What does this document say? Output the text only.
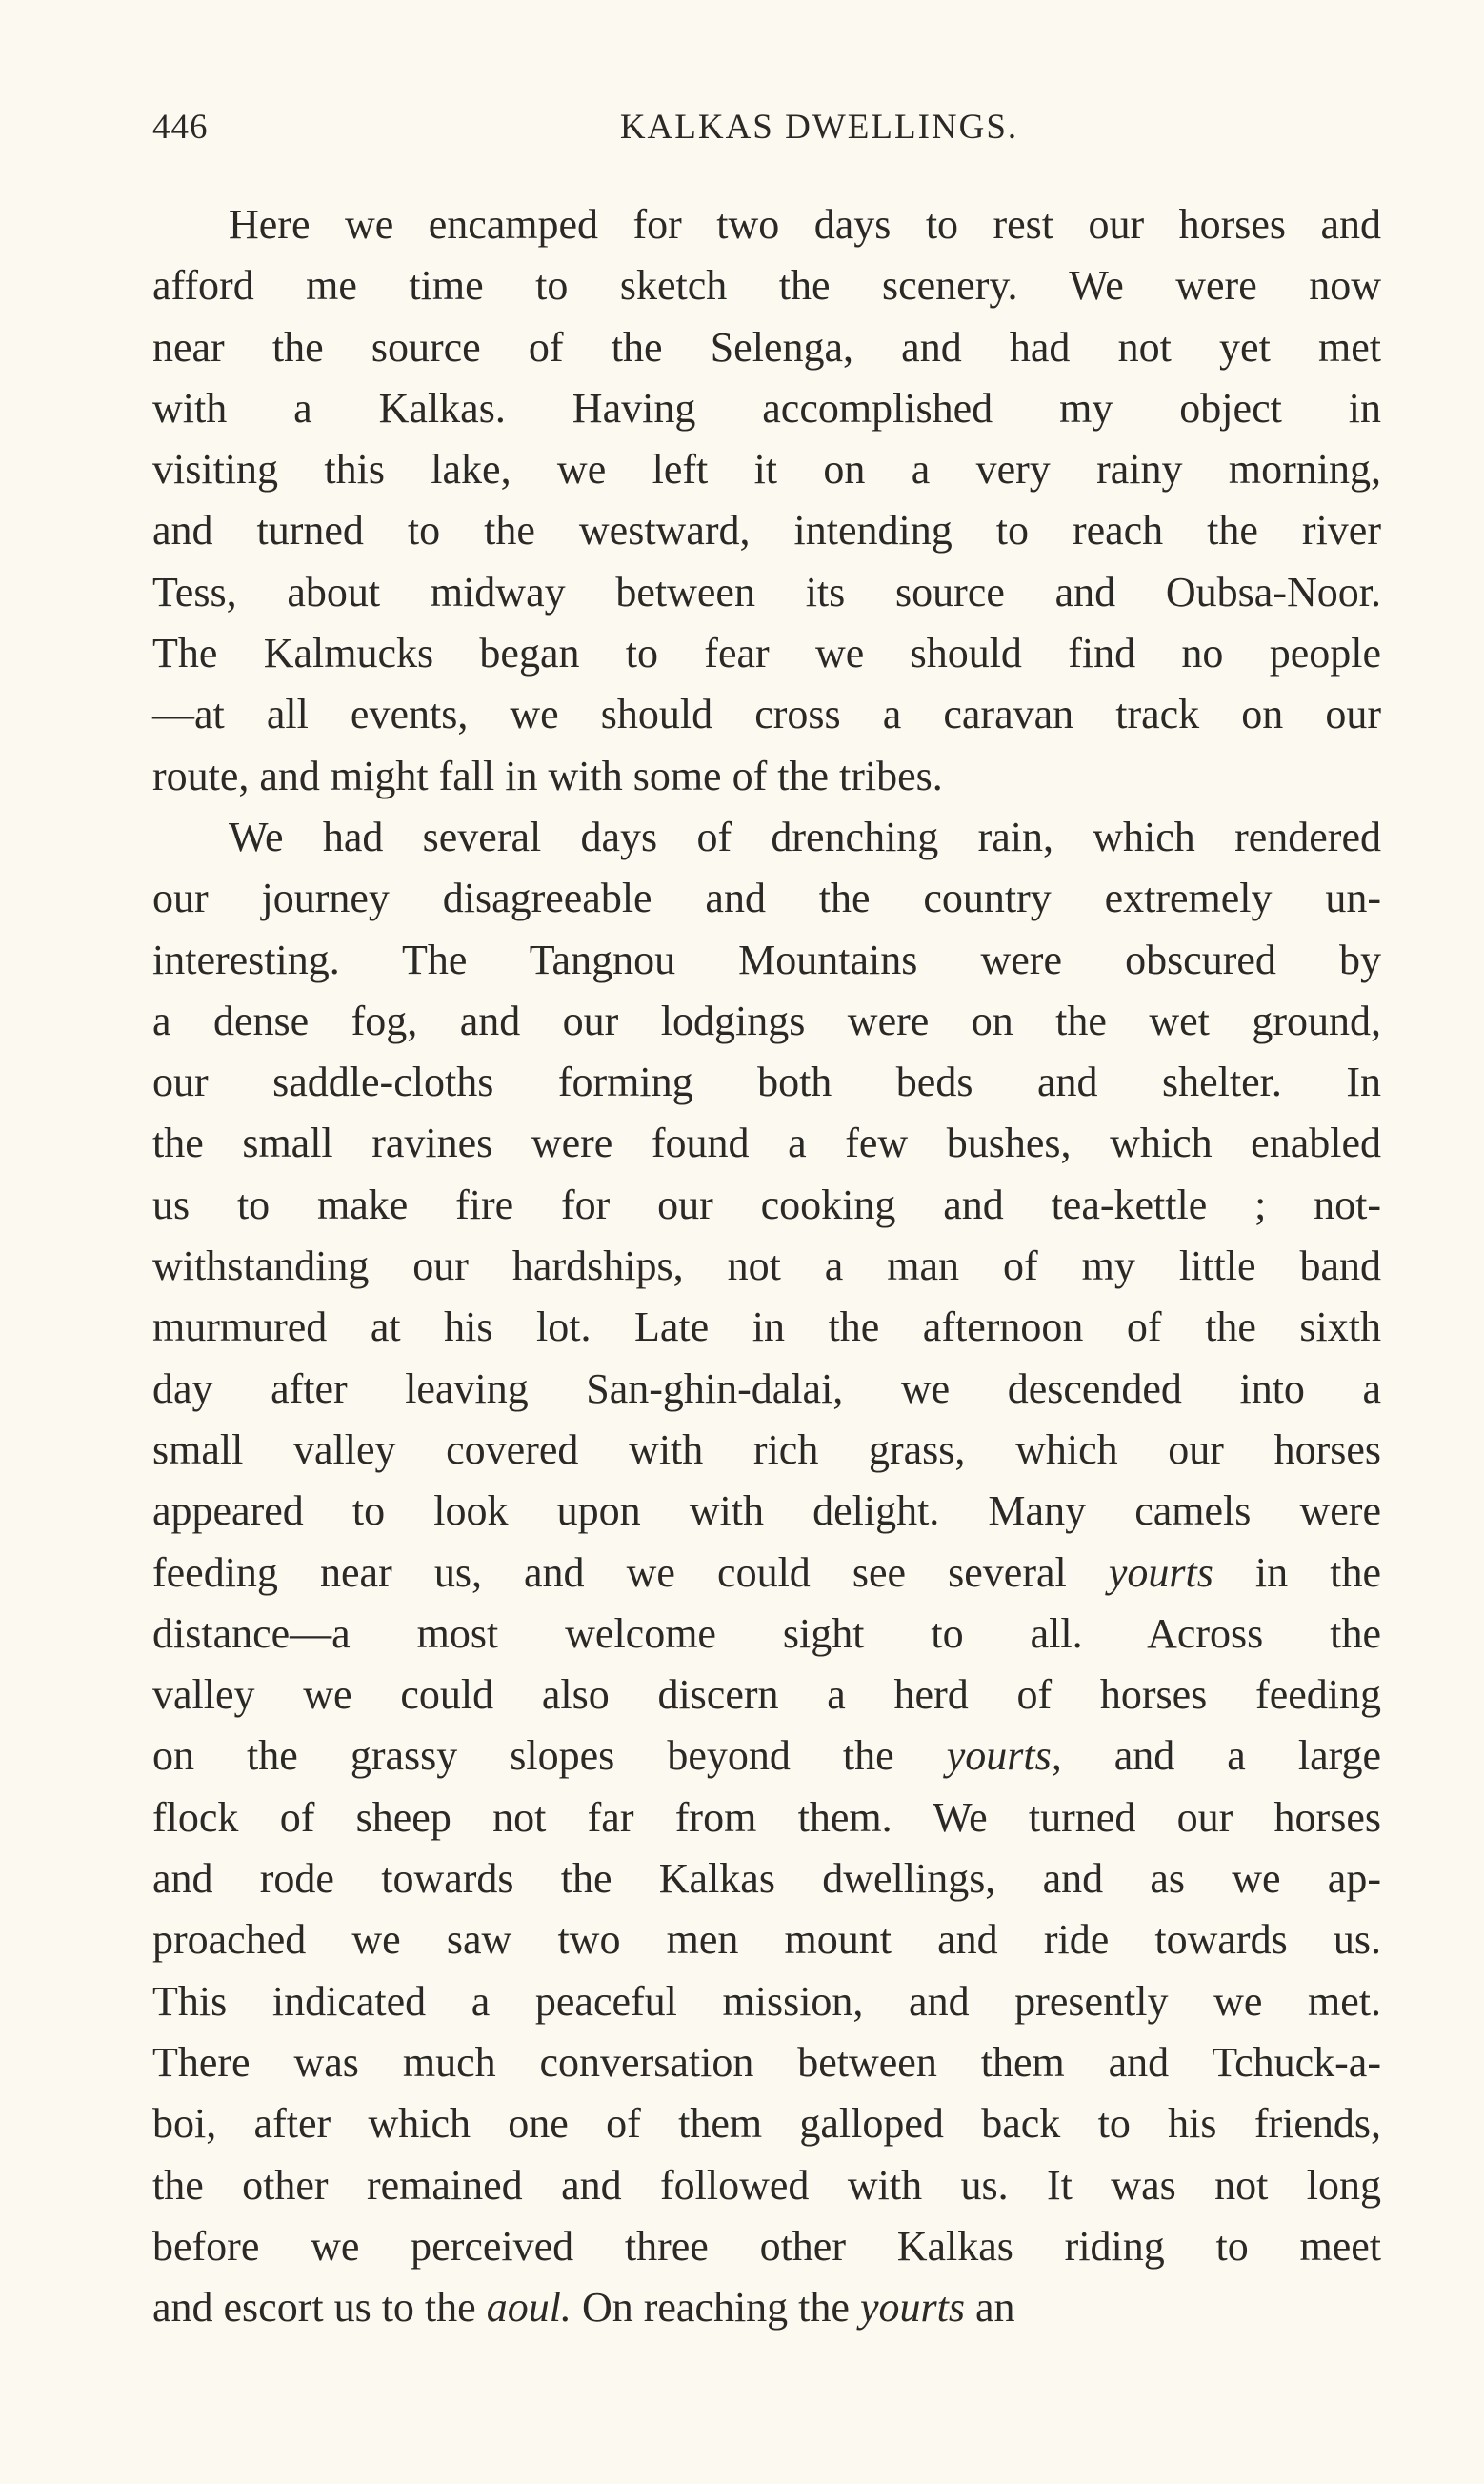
446	KALKAS DWELLINGS.
Here we encamped for two days to rest our horses and
afford me time to sketch the scenery. We were now
near the source of the Selenga, and had not yet met
with a Kalkas. Having accomplished my object in
visiting this lake, we left it on a very rainy morning,
and turned to the westward, intending to reach the river
Tess, about midway between its source and Oubsa-Noor.
The Kalmucks began to fear we should find no people
—at all events, we should cross a caravan track on our
route, and might fall in with some of the tribes.
We had several days of drenching rain, which rendered
our journey disagreeable and the country extremely un-
interesting. The Tangnou Mountains were obscured by
a dense fog, and our lodgings were on the wet ground,
our saddle-cloths forming both beds and shelter. In
the small ravines were found a few bushes, which enabled
us to make fire for our cooking and tea-kettle ; not-
withstanding our hardships, not a man of my little band
murmured at his lot. Late in the afternoon of the sixth
day after leaving San-ghin-dalai, we descended into a
small valley covered with rich grass, which our horses
appeared to look upon with delight. Many camels were
feeding near us, and we could see several yourts in the
distance—a most welcome sight to all. Across the
valley we could also discern a herd of horses feeding
on the grassy slopes beyond the yourts, and a large
flock of sheep not far from them. We turned our horses
and rode towards the Kalkas dwellings, and as we ap-
proached we saw two men mount and ride towards us.
This indicated a peaceful mission, and presently we met.
There was much conversation between them and Tchuck-a-
boi, after which one of them galloped back to his friends,
the other remained and followed with us. It was not long
before we perceived three other Kalkas riding to meet
and escort us to the aoul. On reaching the yourts an
